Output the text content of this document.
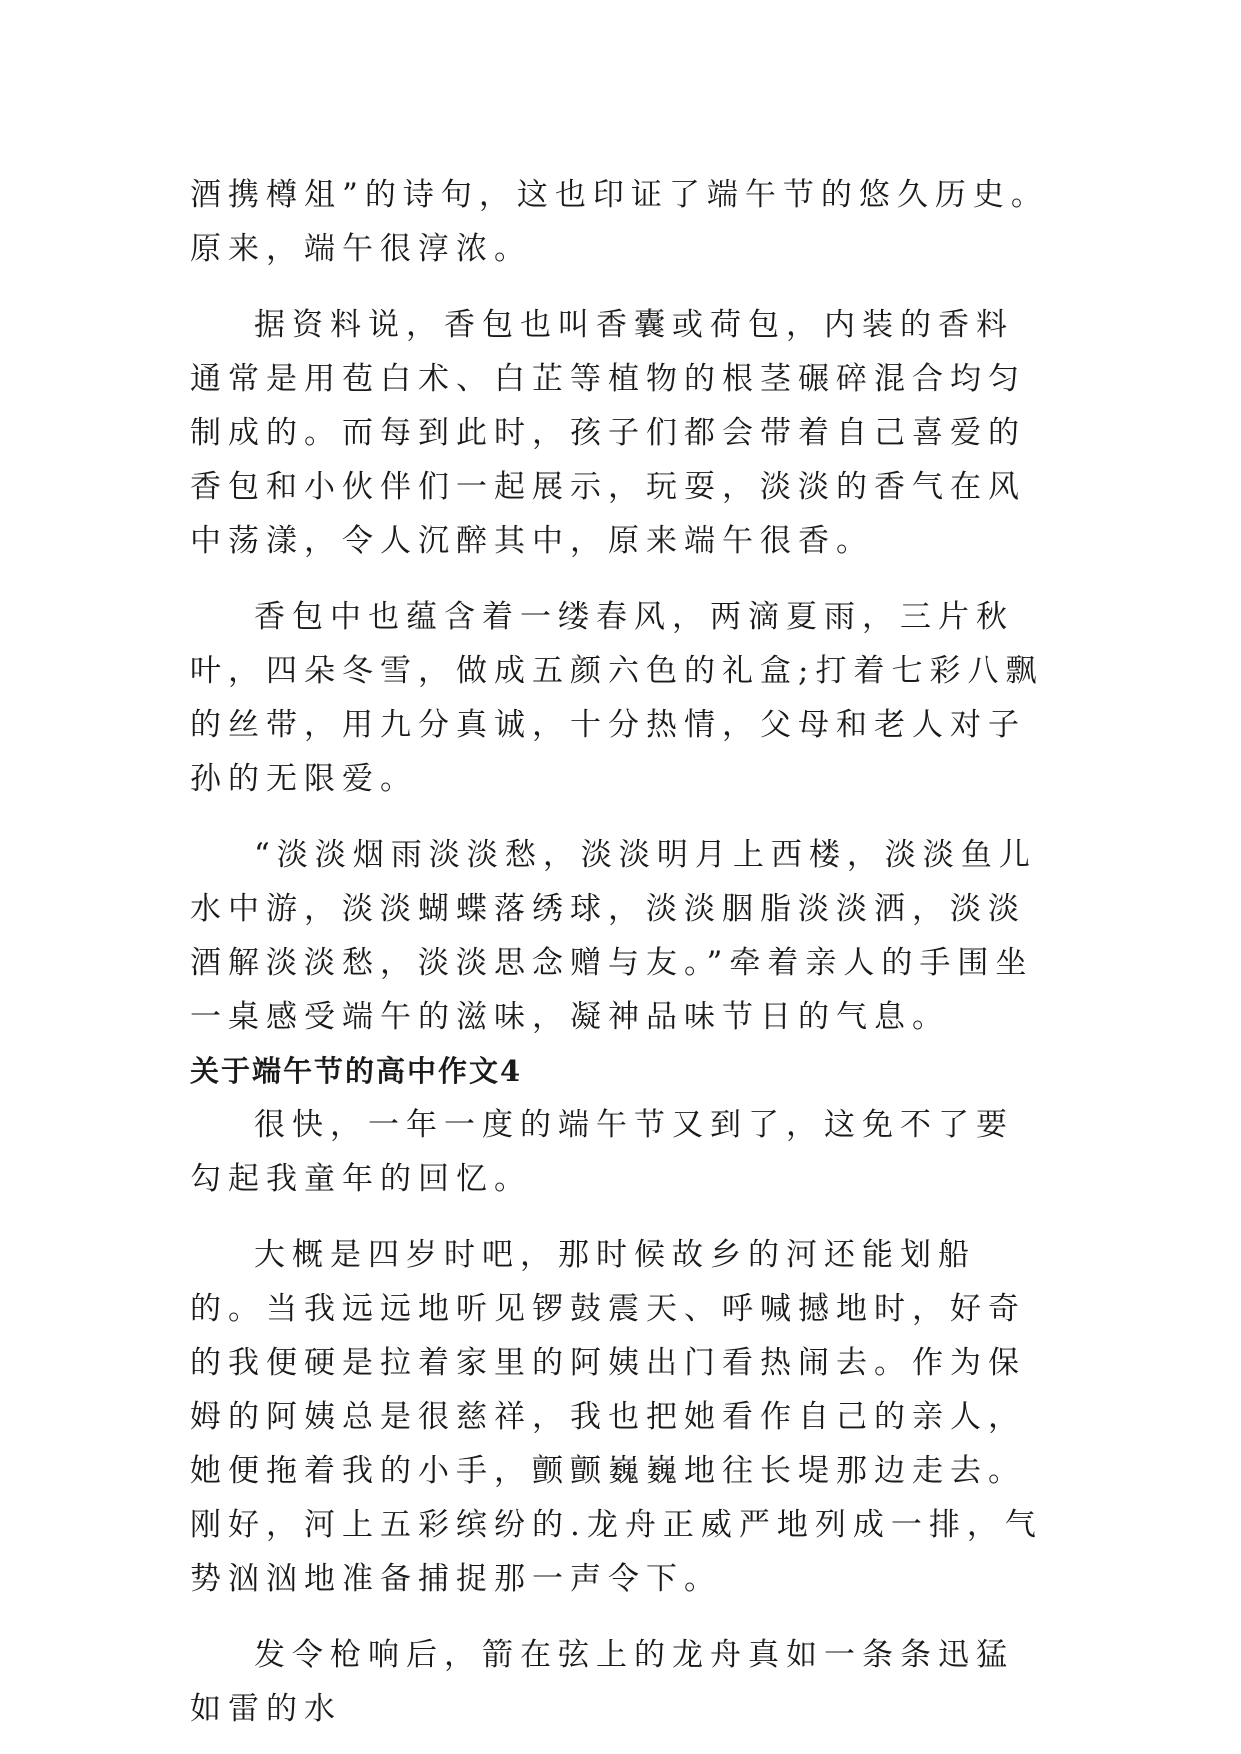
酒携樽俎”的诗句，这也印证了端午节的悠久历史。原来，端午很淳浓。

据资料说，香包也叫香囊或荷包，内装的香料通常是用苞白术、白芷等植物的根茎碾碎混合均匀制成的。而每到此时，孩子们都会带着自己喜爱的香包和小伙伴们一起展示，玩耍，淡淡的香气在风中荡漾，令人沉醉其中，原来端午很香。

香包中也蕴含着一缕春风，两滴夏雨，三片秋叶，四朵冬雪，做成五颜六色的礼盒;打着七彩八飘的丝带，用九分真诚，十分热情，父母和老人对子孙的无限爱。

“淡淡烟雨淡淡愁，淡淡明月上西楼，淡淡鱼儿水中游，淡淡蝴蝶落绣球，淡淡胭脂淡淡洒，淡淡酒解淡淡愁，淡淡思念赠与友。”牵着亲人的手围坐一桌感受端午的滋味，凝神品味节日的气息。

关于端午节的高中作文4

很快，一年一度的端午节又到了，这免不了要勾起我童年的回忆。

大概是四岁时吧，那时候故乡的河还能划船的。当我远远地听见锣鼓震天、呼喊撼地时，好奇的我便硬是拉着家里的阿姨出门看热闹去。作为保姆的阿姨总是很慈祥，我也把她看作自己的亲人，她便拖着我的小手，颤颤巍巍地往长堤那边走去。刚好，河上五彩缤纷的.龙舟正威严地列成一排，气势汹汹地准备捕捉那一声令下。

发令枪响后，箭在弦上的龙舟真如一条条迅猛如雷的水
